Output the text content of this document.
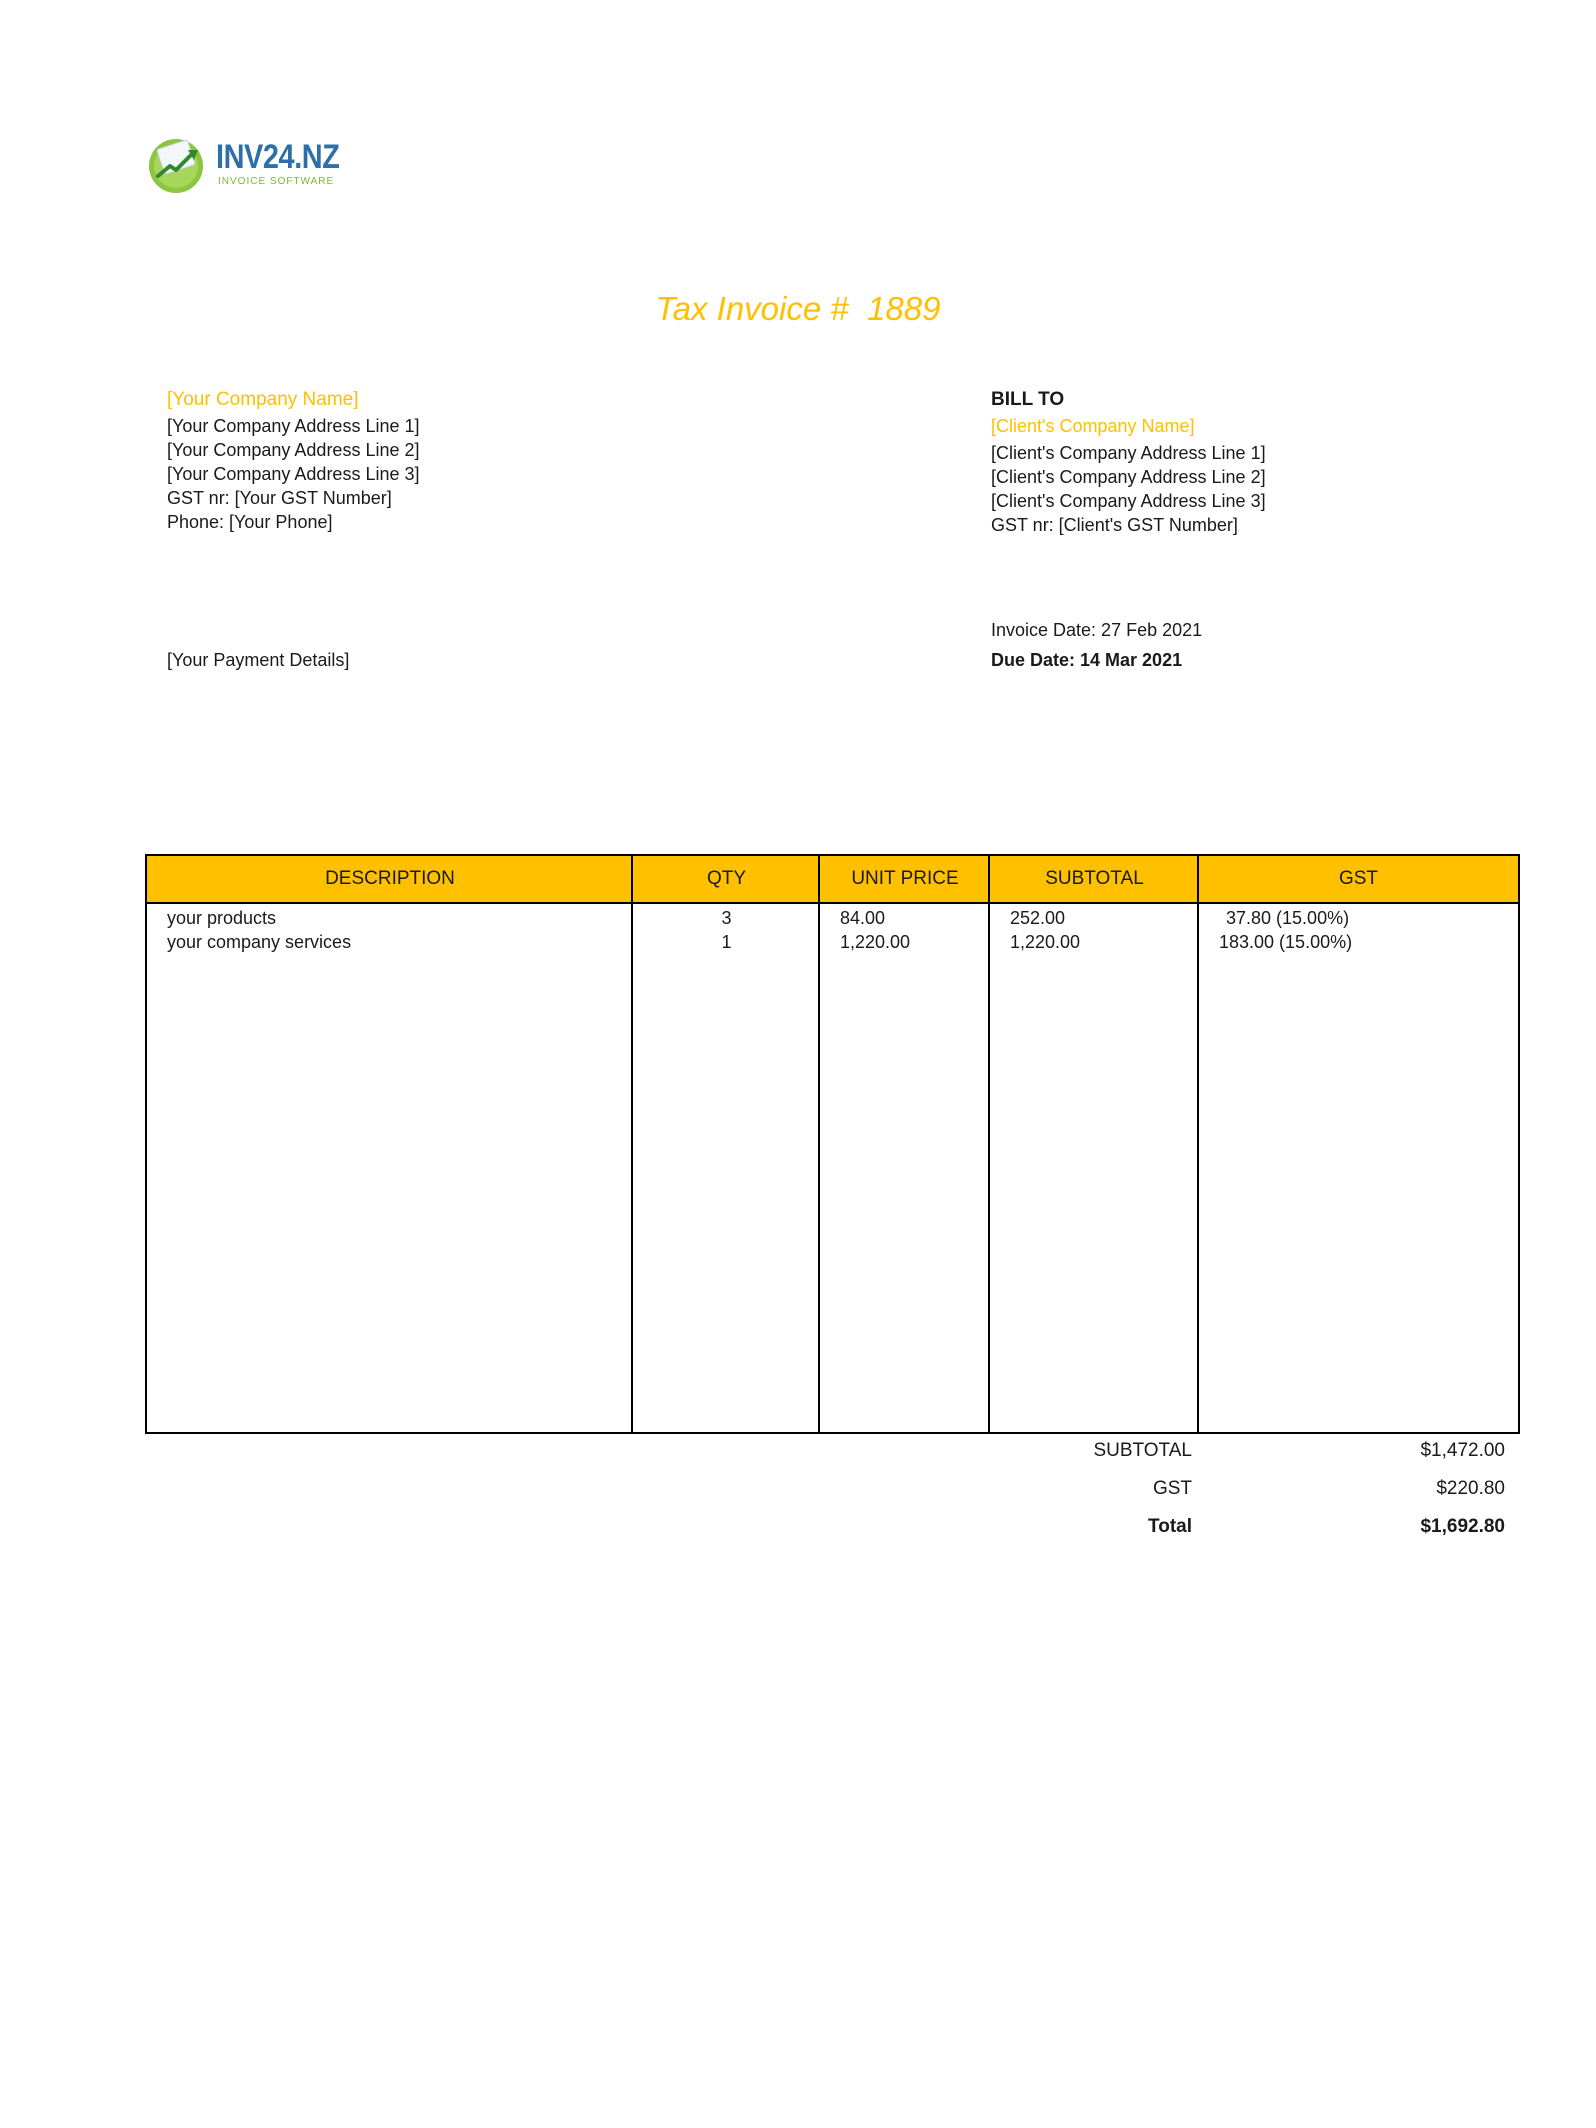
INV24.NZ
INVOICE SOFTWARE
Tax Invoice #  1889
[Your Company Name]
[Your Company Address Line 1]
[Your Company Address Line 2]
[Your Company Address Line 3]
GST nr: [Your GST Number]
Phone: [Your Phone]
BILL TO
[Client's Company Name]
[Client's Company Address Line 1]
[Client's Company Address Line 2]
[Client's Company Address Line 3]
GST nr: [Client's GST Number]
Invoice Date: 27 Feb 2021
Due Date: 14 Mar 2021
[Your Payment Details]
DESCRIPTION	QTY	UNIT PRICE	SUBTOTAL	GST
your products	3	84.00	252.00	37.80 (15.00%)
your company services	1	1,220.00	1,220.00	183.00 (15.00%)
SUBTOTAL	$1,472.00
GST	$220.80
Total	$1,692.80
